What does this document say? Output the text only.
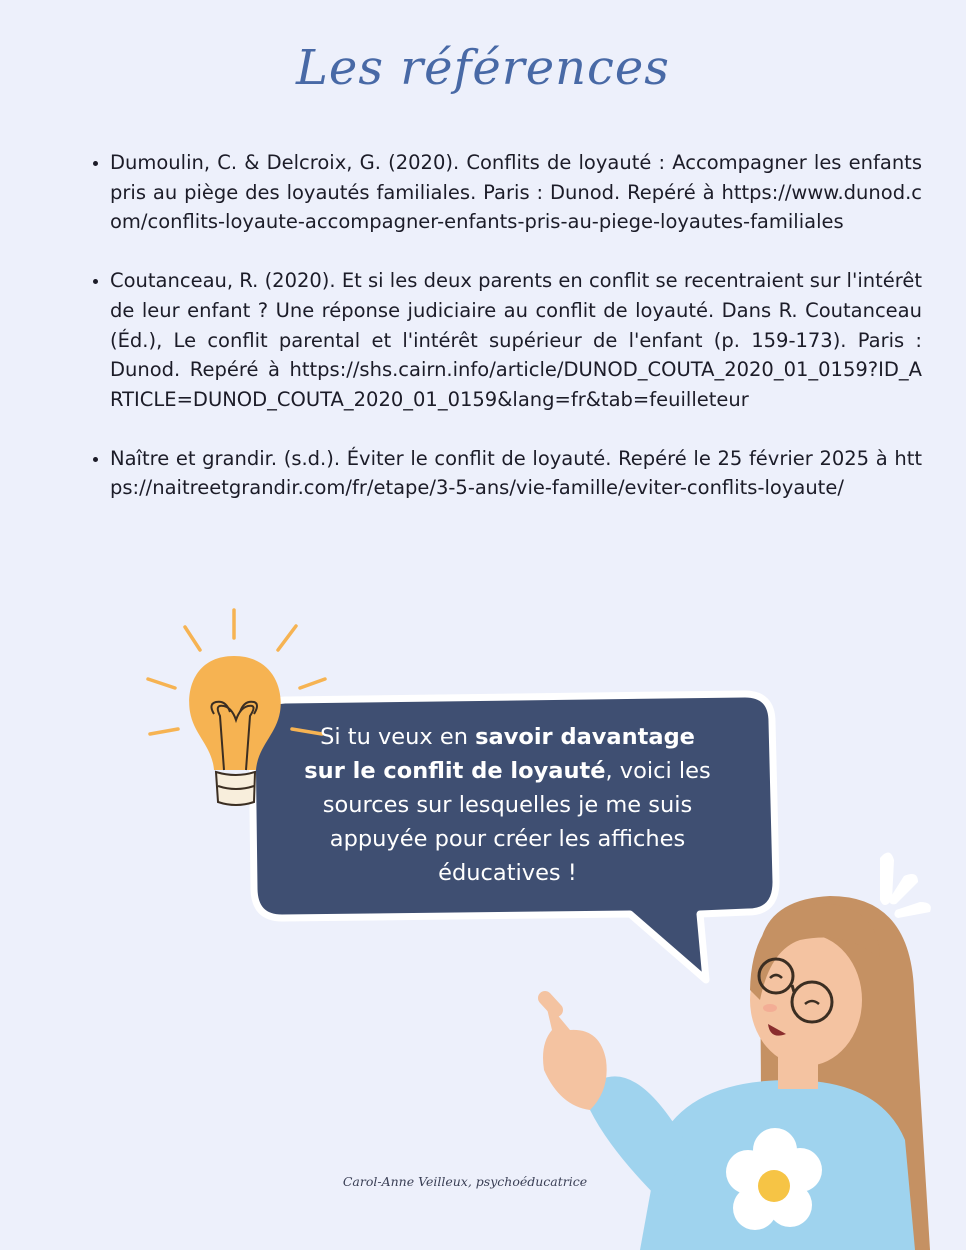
Les références
• Dumoulin, C. & Delcroix, G. (2020). Conflits de loyauté : Accompagner les enfants pris au piège des loyautés familiales. Paris : Dunod. Repéré à https://www.dunod.com/conflits-loyaute-accompagner-enfants-pris-au-piege-loyautes-familiales
• Coutanceau, R. (2020). Et si les deux parents en conflit se recentraient sur l'intérêt de leur enfant ? Une réponse judiciaire au conflit de loyauté. Dans R. Coutanceau (Éd.), Le conflit parental et l'intérêt supérieur de l'enfant (p. 159-173). Paris : Dunod. Repéré à https://shs.cairn.info/article/DUNOD_COUTA_2020_01_0159?ID_ARTICLE=DUNOD_COUTA_2020_01_0159&lang=fr&tab=feuilleteur
• Naître et grandir. (s.d.). Éviter le conflit de loyauté. Repéré le 25 février 2025 à https://naitreetgrandir.com/fr/etape/3-5-ans/vie-famille/eviter-conflits-loyaute/
Si tu veux en savoir davantage sur le conflit de loyauté, voici les sources sur lesquelles je me suis appuyée pour créer les affiches éducatives !
Carol-Anne Veilleux, psychoéducatrice
